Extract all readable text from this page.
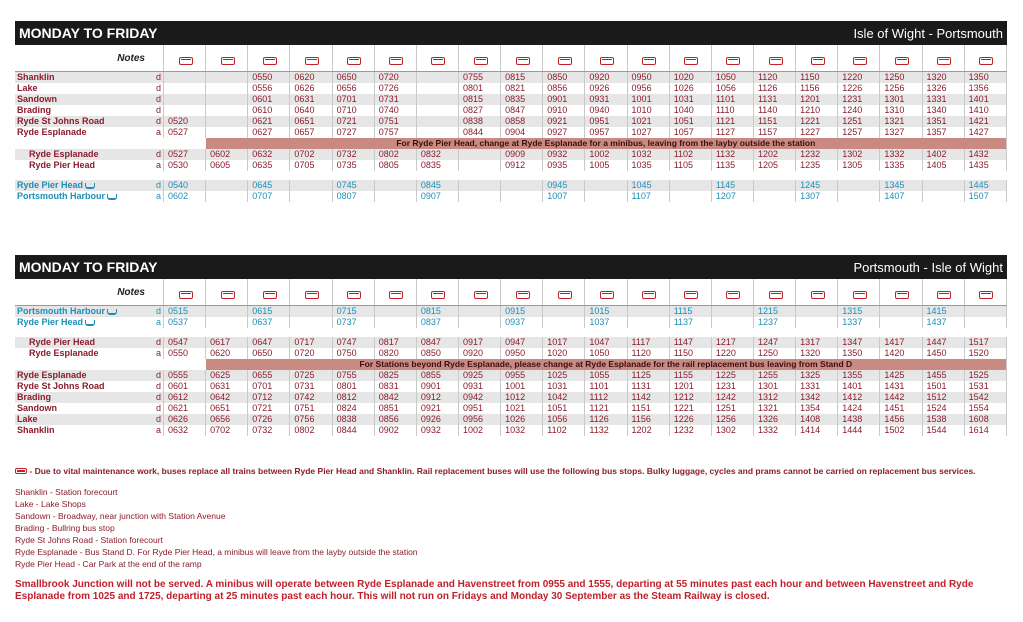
MONDAY TO FRIDAY	Isle of Wight - Portsmouth
Notes																					
Shanklin	d			0550	0620	0650	0720		0755	0815	0850	0920	0950	1020	1050	1120	1150	1220	1250	1320	1350
Lake	d			0556	0626	0656	0726		0801	0821	0856	0926	0956	1026	1056	1126	1156	1226	1256	1326	1356
Sandown	d			0601	0631	0701	0731		0815	0835	0901	0931	1001	1031	1101	1131	1201	1231	1301	1331	1401
Brading	d			0610	0640	0710	0740		0827	0847	0910	0940	1010	1040	1110	1140	1210	1240	1310	1340	1410
Ryde St Johns Road	d	0520		0621	0651	0721	0751		0838	0858	0921	0951	1021	1051	1121	1151	1221	1251	1321	1351	1421
Ryde Esplanade	a	0527		0627	0657	0727	0757		0844	0904	0927	0957	1027	1057	1127	1157	1227	1257	1327	1357	1427
			For Ryde Pier Head, change at Ryde Esplanade for a minibus, leaving from the layby outside the station																		
Ryde Esplanade	d	0527	0602	0632	0702	0732	0802	0832		0909	0932	1002	1032	1102	1132	1202	1232	1302	1332	1402	1432
Ryde Pier Head	a	0530	0605	0635	0705	0735	0805	0835		0912	0935	1005	1035	1105	1135	1205	1235	1305	1335	1405	1435

Ryde Pier Head	d	0540		0645		0745		0845			0945		1045		1145		1245		1345		1445
Portsmouth Harbour	a	0602		0707		0807		0907			1007		1107		1207		1307		1407		1507
MONDAY TO FRIDAY	Portsmouth - Isle of Wight
Notes																					
Portsmouth Harbour	d	0515		0615		0715		0815		0915		1015		1115		1215		1315		1415	
Ryde Pier Head	a	0537		0637		0737		0837		0937		1037		1137		1237		1337		1437	

Ryde Pier Head	d	0547	0617	0647	0717	0747	0817	0847	0917	0947	1017	1047	1117	1147	1217	1247	1317	1347	1417	1447	1517
Ryde Esplanade	a	0550	0620	0650	0720	0750	0820	0850	0920	0950	1020	1050	1120	1150	1220	1250	1320	1350	1420	1450	1520
			For Stations beyond Ryde Esplanade, please change at Ryde Esplanade for the rail replacement bus leaving from Stand D																		
Ryde Esplanade	d	0555	0625	0655	0725	0755	0825	0855	0925	0955	1025	1055	1125	1155	1225	1255	1325	1355	1425	1455	1525
Ryde St Johns Road	d	0601	0631	0701	0731	0801	0831	0901	0931	1001	1031	1101	1131	1201	1231	1301	1331	1401	1431	1501	1531
Brading	d	0612	0642	0712	0742	0812	0842	0912	0942	1012	1042	1112	1142	1212	1242	1312	1342	1412	1442	1512	1542
Sandown	d	0621	0651	0721	0751	0824	0851	0921	0951	1021	1051	1121	1151	1221	1251	1321	1354	1424	1451	1524	1554
Lake	d	0626	0656	0726	0756	0838	0856	0926	0956	1026	1056	1126	1156	1226	1256	1326	1408	1438	1456	1538	1608
Shanklin	a	0632	0702	0732	0802	0844	0902	0932	1002	1032	1102	1132	1202	1232	1302	1332	1414	1444	1502	1544	1614
- Due to vital maintenance work, buses replace all trains between Ryde Pier Head and Shanklin. Rail replacement buses will use the following bus stops. Bulky luggage, cycles and prams cannot be carried on replacement bus services.
Shanklin - Station forecourt
Lake - Lake Shops
Sandown - Broadway, near junction with Station Avenue
Brading - Bullring bus stop
Ryde St Johns Road - Station forecourt
Ryde Esplanade - Bus Stand D. For Ryde Pier Head, a minibus will leave from the layby outside the station
Ryde Pier Head - Car Park at the end of the ramp
Smallbrook Junction will not be served. A minibus will operate between Ryde Esplanade and Havenstreet from 0955 and 1555, departing at 55 minutes past each hour and between Havenstreet and Ryde Esplanade from 1025 and 1725, departing at 25 minutes past each hour. This will not run on Fridays and Monday 30 September as the Steam Railway is closed.
